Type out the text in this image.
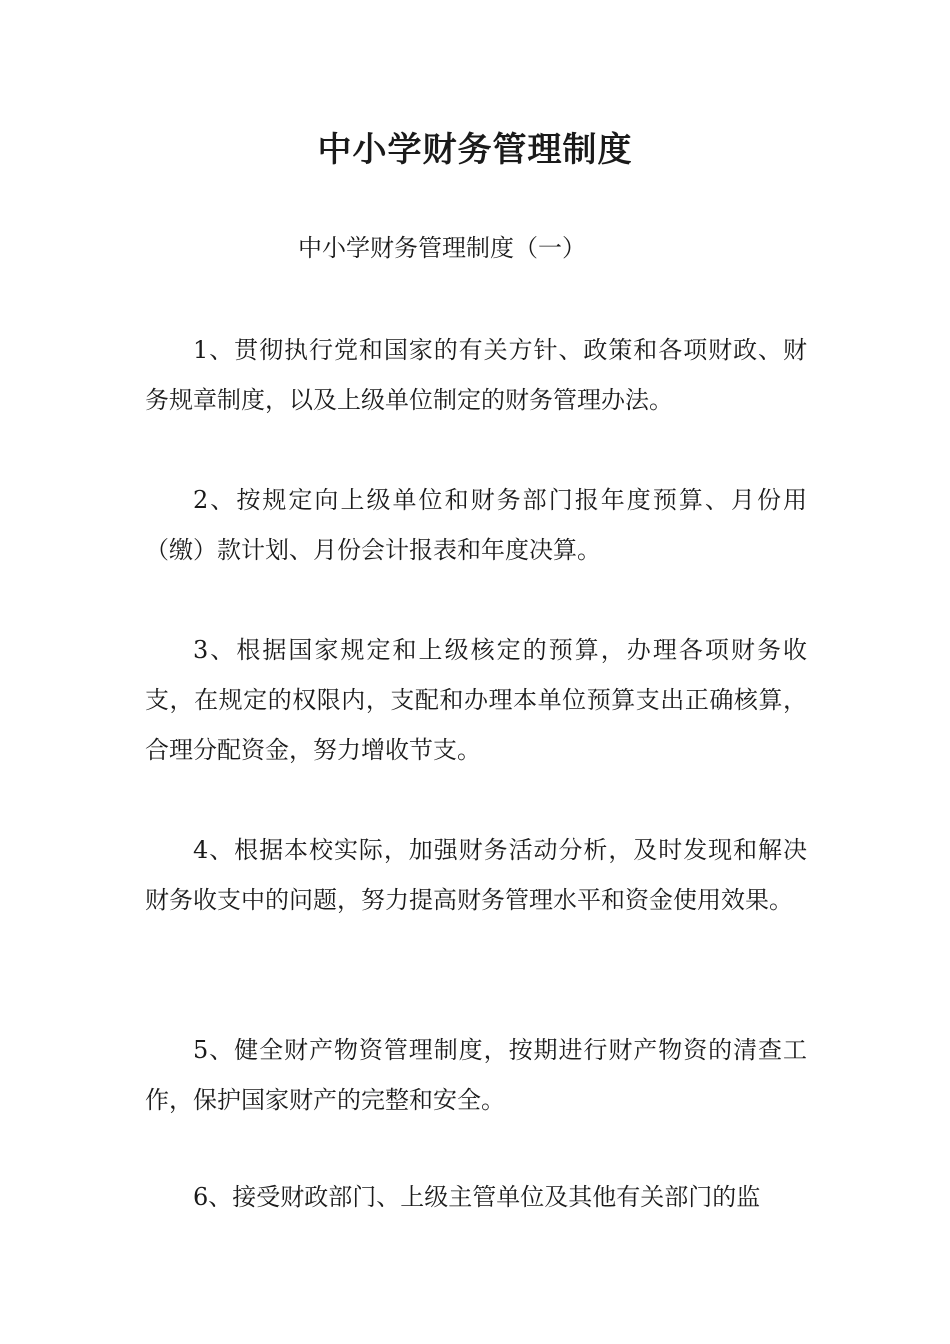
中小学财务管理制度

中小学财务管理制度（一）

1、贯彻执行党和国家的有关方针、政策和各项财政、财务规章制度，以及上级单位制定的财务管理办法。

2、按规定向上级单位和财务部门报年度预算、月份用（缴）款计划、月份会计报表和年度决算。

3、根据国家规定和上级核定的预算，办理各项财务收支，在规定的权限内，支配和办理本单位预算支出正确核算，合理分配资金，努力增收节支。

4、根据本校实际，加强财务活动分析，及时发现和解决财务收支中的问题，努力提高财务管理水平和资金使用效果。

5、健全财产物资管理制度，按期进行财产物资的清查工作，保护国家财产的完整和安全。

6、接受财政部门、上级主管单位及其他有关部门的监
